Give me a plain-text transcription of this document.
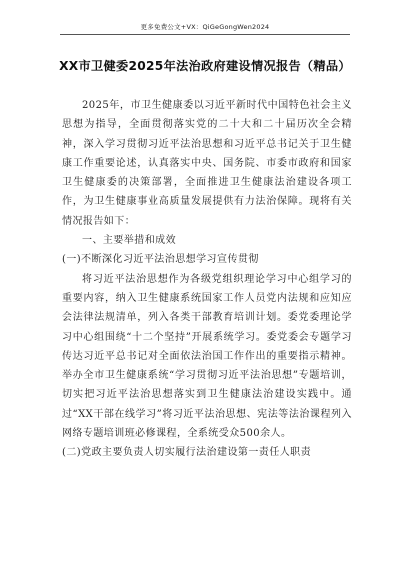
更多免费公文+VX：QiGeGongWen2024
XX市卫健委2025年法治政府建设情况报告（精品）

2025年，市卫生健康委以习近平新时代中国特色社会主义思想为指导，全面贯彻落实党的二十大和二十届历次全会精神，深入学习贯彻习近平法治思想和习近平总书记关于卫生健康工作重要论述，认真落实中央、国务院、市委市政府和国家卫生健康委的决策部署，全面推进卫生健康法治建设各项工作，为卫生健康事业高质量发展提供有力法治保障。现将有关情况报告如下：

一、主要举措和成效

(一)不断深化习近平法治思想学习宣传贯彻

将习近平法治思想作为各级党组织理论学习中心组学习的重要内容，纳入卫生健康系统国家工作人员党内法规和应知应会法律法规清单，列入各类干部教育培训计划。委党委理论学习中心组围绕“十二个坚持”开展系统学习。委党委会专题学习传达习近平总书记对全面依法治国工作作出的重要指示精神。举办全市卫生健康系统“学习贯彻习近平法治思想”专题培训，切实把习近平法治思想落实到卫生健康法治建设实践中。通过“XX干部在线学习”将习近平法治思想、宪法等法治课程列入网络专题培训班必修课程，全系统受众500余人。

(二)党政主要负责人切实履行法治建设第一责任人职责
